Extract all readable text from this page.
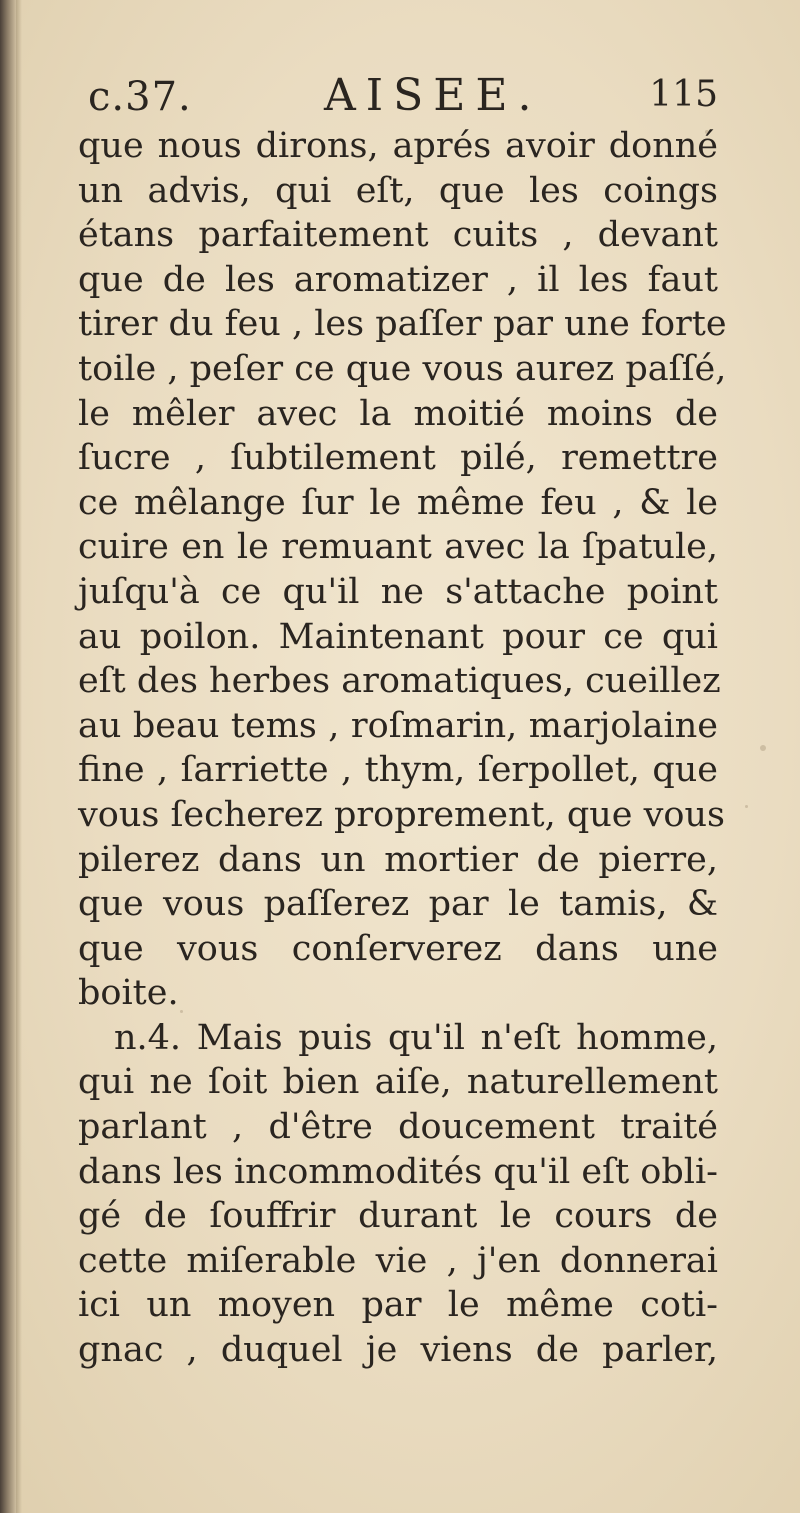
c.37.	AISEE.	115
que nous dirons, aprés avoir donné
un advis, qui eſt, que les coings
étans parfaitement cuits , devant
que de les aromatizer , il les faut
tirer du feu , les paſſer par une forte
toile , peſer ce que vous aurez paſſé,
le mêler avec la moitié moins de
ſucre , ſubtilement pilé, remettre
ce mêlange ſur le même feu , & le
cuire en le remuant avec la ſpatule,
juſqu'à ce qu'il ne s'attache point
au poilon. Maintenant pour ce qui
eſt des herbes aromatiques, cueillez
au beau tems , roſmarin, marjolaine
fine , ſarriette , thym, ſerpollet, que
vous ſecherez proprement, que vous
pilerez dans un mortier de pierre,
que vous paſſerez par le tamis, &
que vous conſerverez dans une
boite.
n.4. Mais puis qu'il n'eſt homme,
qui ne ſoit bien aiſe, naturellement
parlant , d'être doucement traité
dans les incommodités qu'il eſt obli-
gé de ſouffrir durant le cours de
cette miſerable vie , j'en donnerai
ici un moyen par le même coti-
gnac , duquel je viens de parler,
